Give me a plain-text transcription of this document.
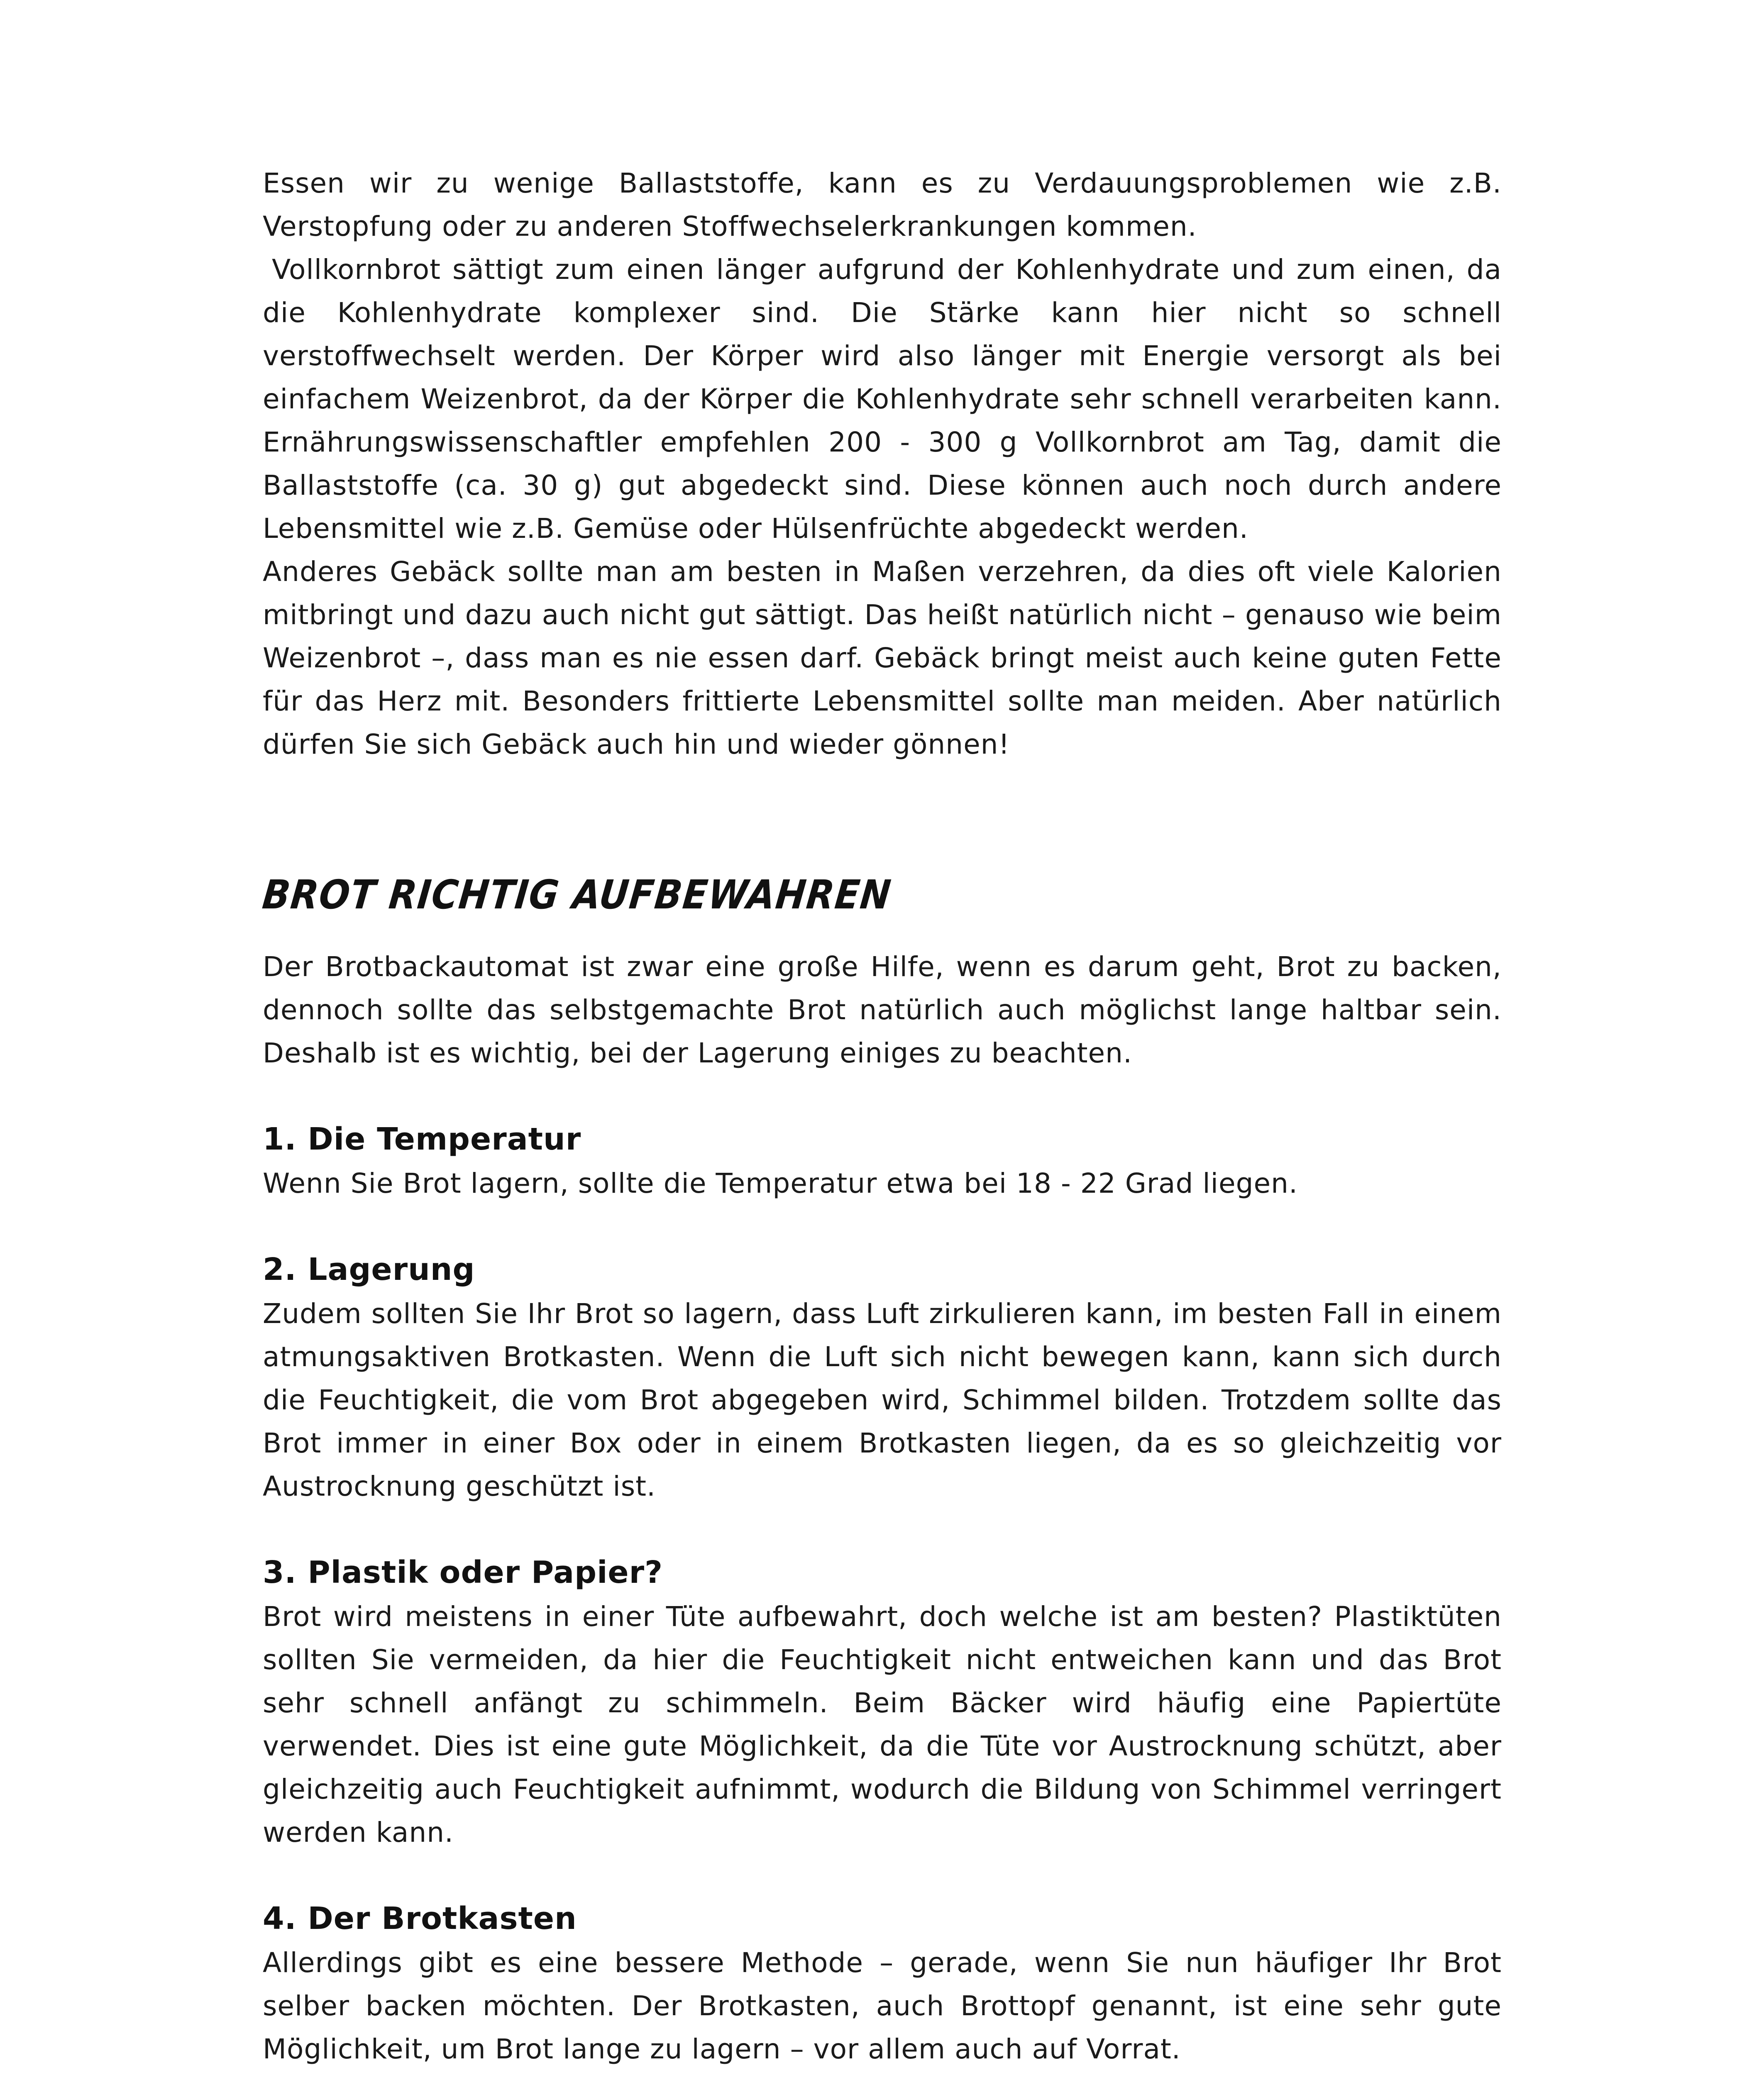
Essen wir zu wenige Ballaststoffe, kann es zu Verdauungsproblemen wie z.B. Verstopfung oder zu anderen Stoffwechselerkrankungen kommen.

Vollkornbrot sättigt zum einen länger aufgrund der Kohlenhydrate und zum einen, da die Kohlenhydrate komplexer sind. Die Stärke kann hier nicht so schnell verstoffwechselt werden. Der Körper wird also länger mit Energie versorgt als bei einfachem Weizenbrot, da der Körper die Kohlenhydrate sehr schnell verarbeiten kann. Ernährungswissenschaftler empfehlen 200 - 300 g Vollkornbrot am Tag, damit die Ballaststoffe (ca. 30 g) gut abgedeckt sind. Diese können auch noch durch andere Lebensmittel wie z.B. Gemüse oder Hülsenfrüchte abgedeckt werden.

Anderes Gebäck sollte man am besten in Maßen verzehren, da dies oft viele Kalorien mitbringt und dazu auch nicht gut sättigt. Das heißt natürlich nicht – genauso wie beim Weizenbrot –, dass man es nie essen darf. Gebäck bringt meist auch keine guten Fette für das Herz mit. Besonders frittierte Lebensmittel sollte man meiden. Aber natürlich dürfen Sie sich Gebäck auch hin und wieder gönnen!

BROT RICHTIG AUFBEWAHREN

Der Brotbackautomat ist zwar eine große Hilfe, wenn es darum geht, Brot zu backen, dennoch sollte das selbstgemachte Brot natürlich auch möglichst lange haltbar sein. Deshalb ist es wichtig, bei der Lagerung einiges zu beachten.

1. Die Temperatur

Wenn Sie Brot lagern, sollte die Temperatur etwa bei 18 - 22 Grad liegen.

2. Lagerung

Zudem sollten Sie Ihr Brot so lagern, dass Luft zirkulieren kann, im besten Fall in einem atmungsaktiven Brotkasten. Wenn die Luft sich nicht bewegen kann, kann sich durch die Feuchtigkeit, die vom Brot abgegeben wird, Schimmel bilden. Trotzdem sollte das Brot immer in einer Box oder in einem Brotkasten liegen, da es so gleichzeitig vor Austrocknung geschützt ist.

3. Plastik oder Papier?

Brot wird meistens in einer Tüte aufbewahrt, doch welche ist am besten? Plastiktüten sollten Sie vermeiden, da hier die Feuchtigkeit nicht entweichen kann und das Brot sehr schnell anfängt zu schimmeln. Beim Bäcker wird häufig eine Papiertüte verwendet. Dies ist eine gute Möglichkeit, da die Tüte vor Austrocknung schützt, aber gleichzeitig auch Feuchtigkeit aufnimmt, wodurch die Bildung von Schimmel verringert werden kann.

4. Der Brotkasten

Allerdings gibt es eine bessere Methode – gerade, wenn Sie nun häufiger Ihr Brot selber backen möchten. Der Brotkasten, auch Brottopf genannt, ist eine sehr gute Möglichkeit, um Brot lange zu lagern – vor allem auch auf Vorrat.
